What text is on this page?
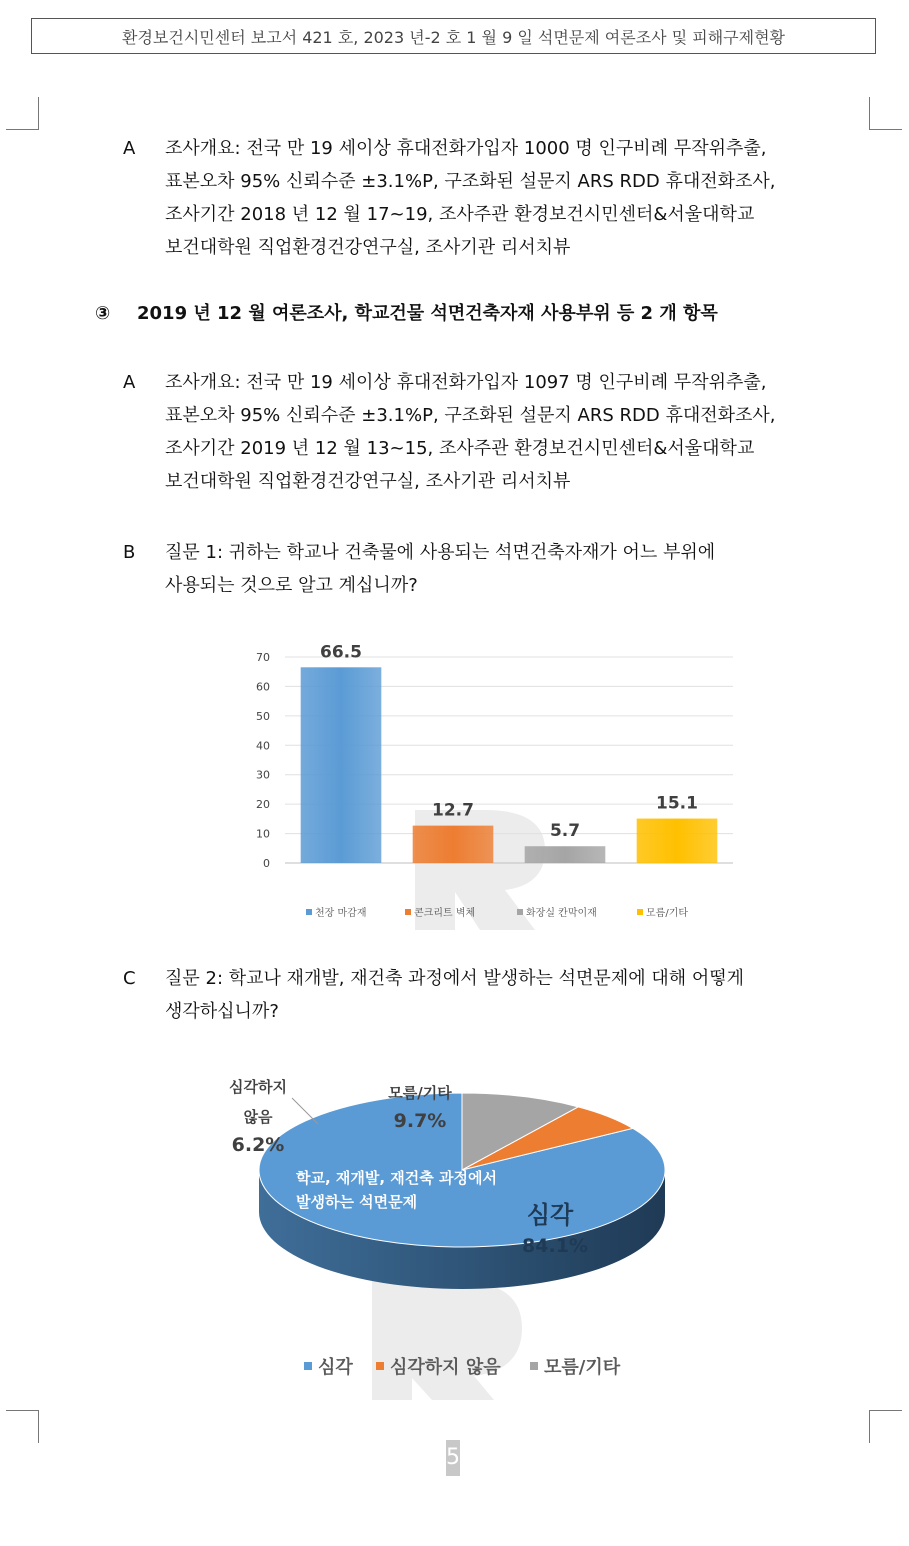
환경보건시민센터 보고서 421 호, 2023 년-2 호 1 월 9 일 석면문제 여론조사 및 피해구제현황
A 조사개요: 전국 만 19 세이상 휴대전화가입자 1000 명 인구비례 무작위추출,
표본오차 95% 신뢰수준 ±3.1%P, 구조화된 설문지 ARS RDD 휴대전화조사,
조사기간 2018 년 12 월 17~19, 조사주관 환경보건시민센터&서울대학교
보건대학원 직업환경건강연구실, 조사기관 리서치뷰
③ 2019 년 12 월 여론조사, 학교건물 석면건축자재 사용부위 등 2 개 항목
A 조사개요: 전국 만 19 세이상 휴대전화가입자 1097 명 인구비례 무작위추출,
표본오차 95% 신뢰수준 ±3.1%P, 구조화된 설문지 ARS RDD 휴대전화조사,
조사기간 2019 년 12 월 13~15, 조사주관 환경보건시민센터&서울대학교
보건대학원 직업환경건강연구실, 조사기관 리서치뷰
B 질문 1: 귀하는 학교나 건축물에 사용되는 석면건축자재가 어느 부위에
사용되는 것으로 알고 계십니까?
0
10
20
30
40
50
60
70	66.5
12.7
5.7
15.1
천장 마감재	콘크리트 벽체	화장실 칸막이재	모름/기타
C 질문 2: 학교나 재개발, 재건축 과정에서 발생하는 석면문제에 대해 어떻게
생각하십니까?
심각
84.1%
심각하지
않음
6.2%
모름/기타
9.7%
학교, 재개발, 재건축 과정에서
발생하는 석면문제
심각 심각하지 않음 모름/기타
5
